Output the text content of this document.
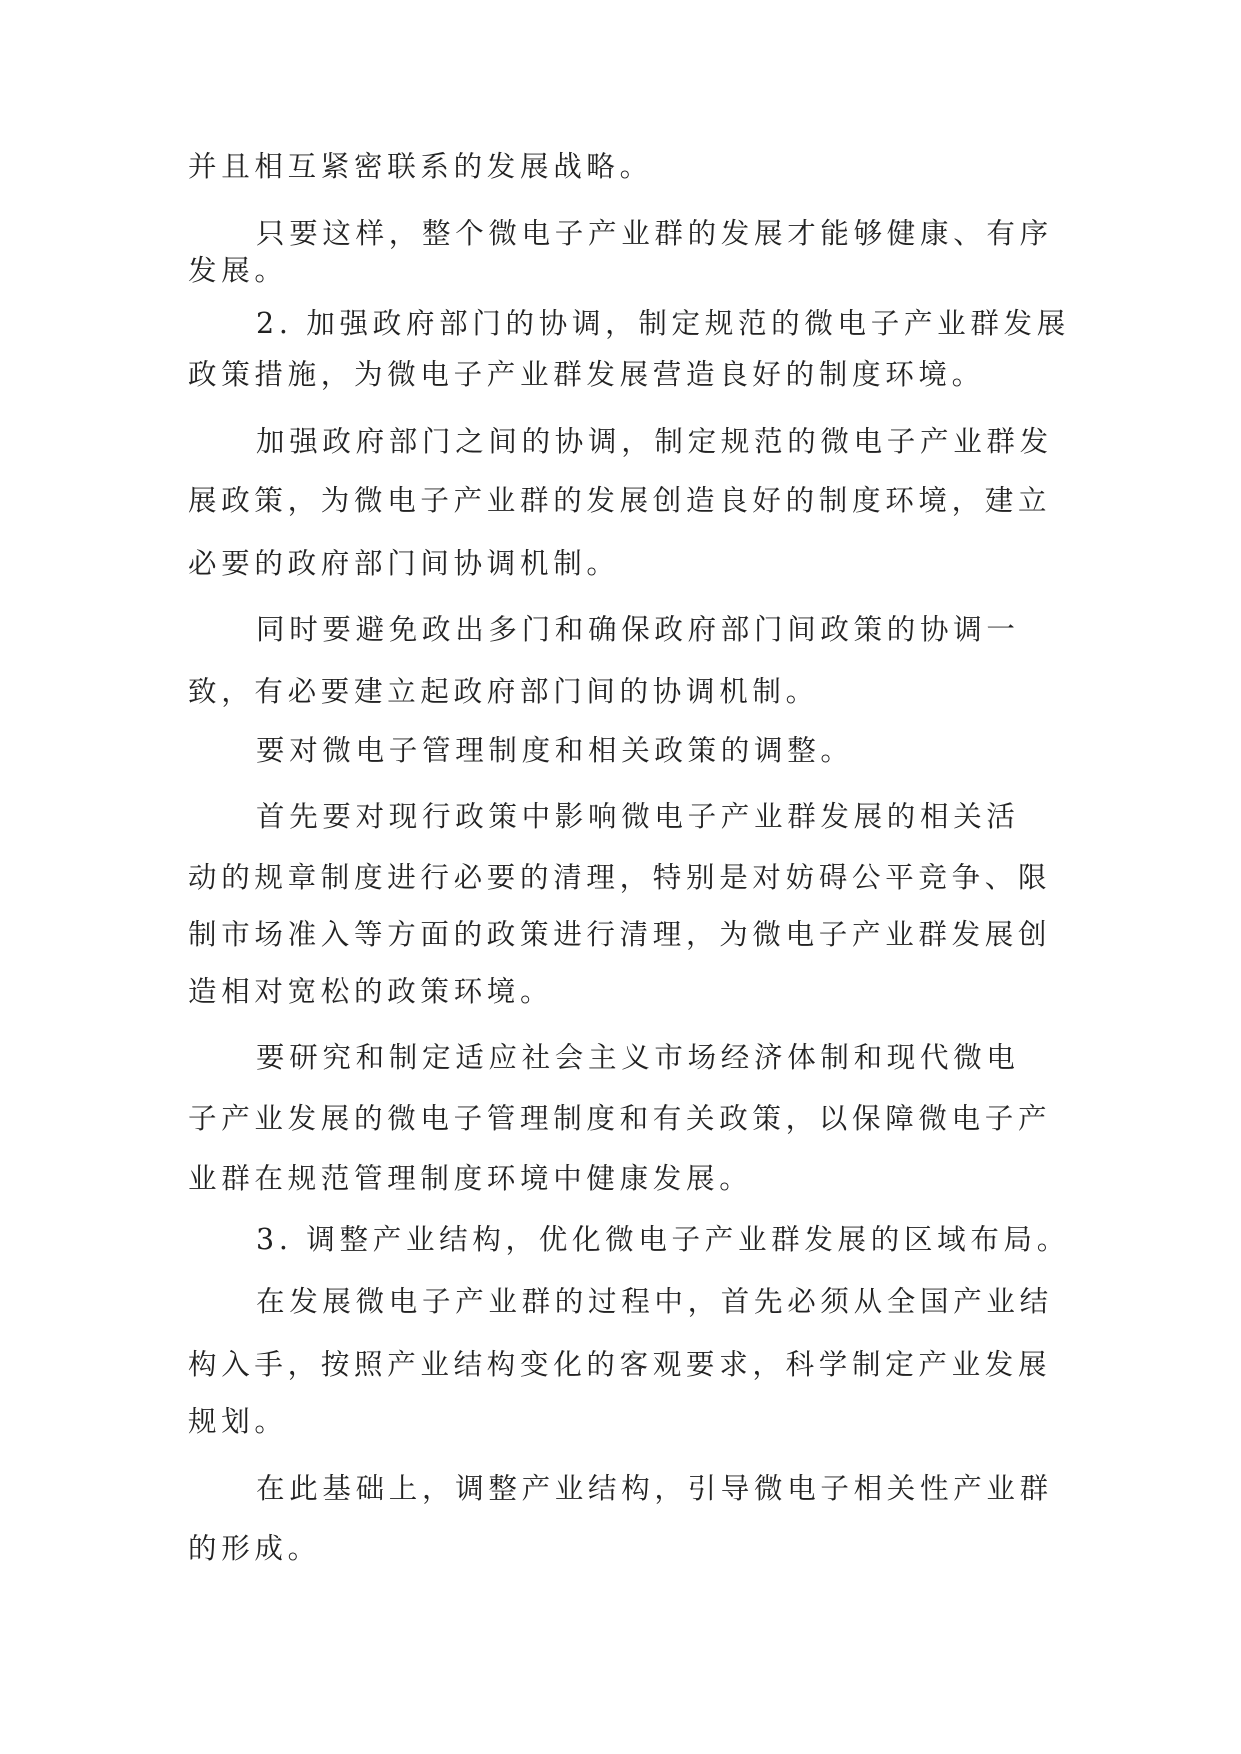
并且相互紧密联系的发展战略。
只要这样，整个微电子产业群的发展才能够健康、有序
发展。
2. 加强政府部门的协调，制定规范的微电子产业群发展
政策措施，为微电子产业群发展营造良好的制度环境。
加强政府部门之间的协调，制定规范的微电子产业群发
展政策，为微电子产业群的发展创造良好的制度环境，建立
必要的政府部门间协调机制。
同时要避免政出多门和确保政府部门间政策的协调一
致，有必要建立起政府部门间的协调机制。
要对微电子管理制度和相关政策的调整。
首先要对现行政策中影响微电子产业群发展的相关活
动的规章制度进行必要的清理，特别是对妨碍公平竞争、限
制市场准入等方面的政策进行清理，为微电子产业群发展创
造相对宽松的政策环境。
要研究和制定适应社会主义市场经济体制和现代微电
子产业发展的微电子管理制度和有关政策，以保障微电子产
业群在规范管理制度环境中健康发展。
3. 调整产业结构，优化微电子产业群发展的区域布局。
在发展微电子产业群的过程中，首先必须从全国产业结
构入手，按照产业结构变化的客观要求，科学制定产业发展
规划。
在此基础上，调整产业结构，引导微电子相关性产业群
的形成。
